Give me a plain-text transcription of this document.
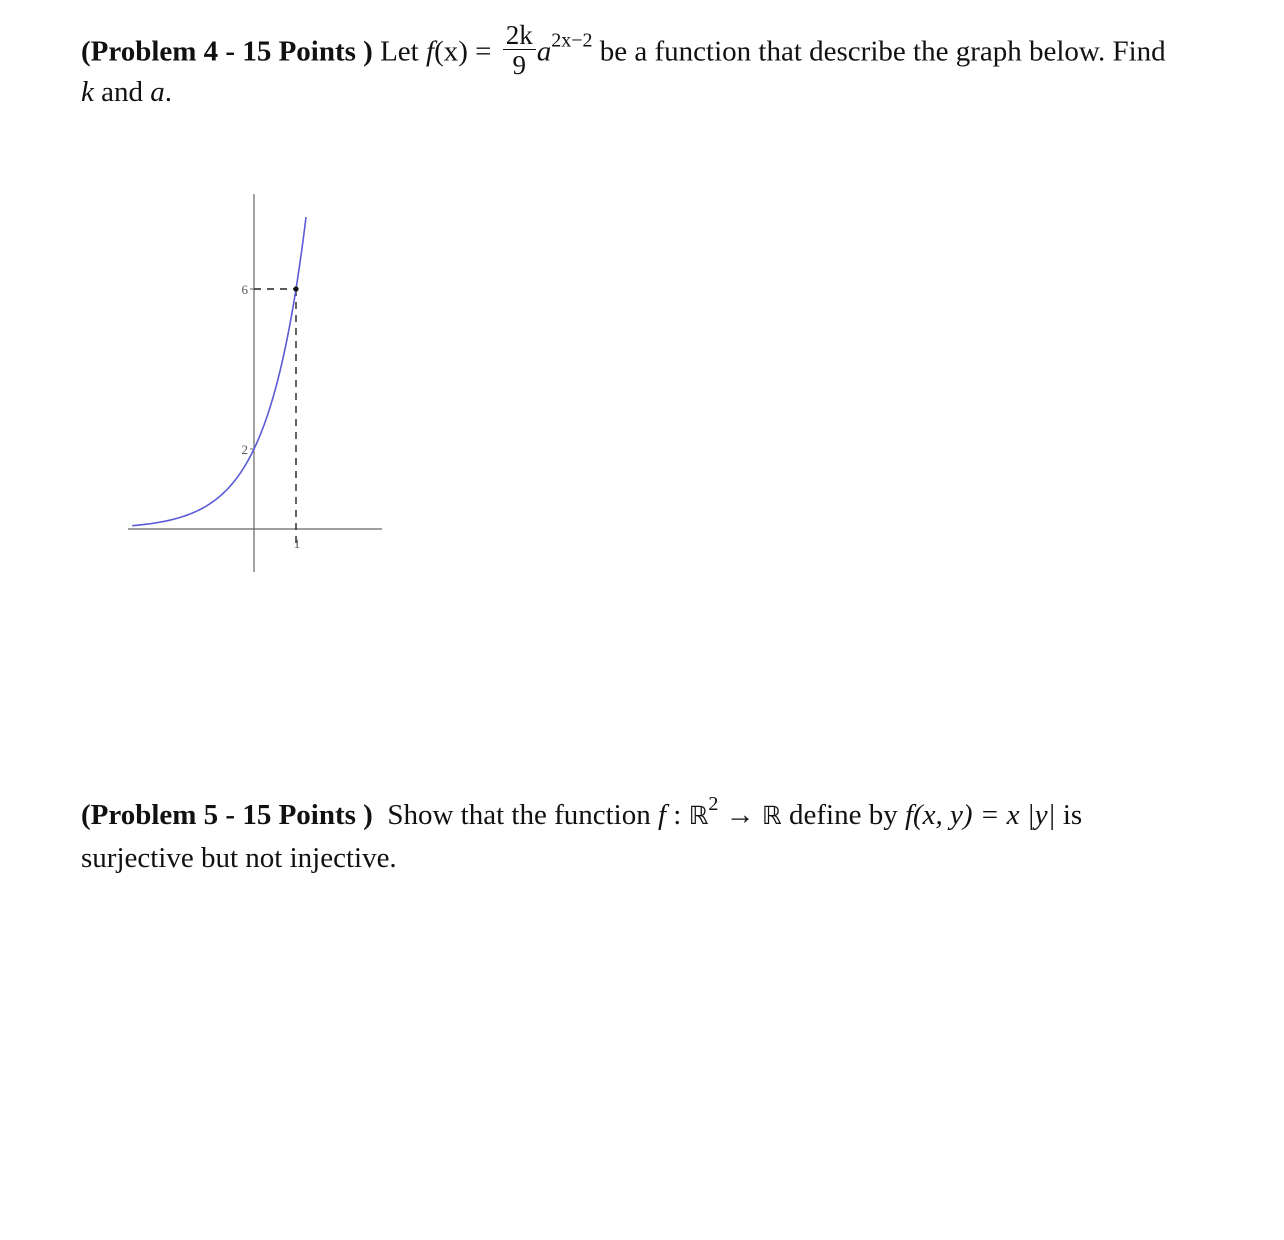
(Problem 4 - 15 Points ) Let $f(x) = \frac{2k}{9} a^{2x-2}$ be a function that describe the graph below. Find
k and a.
1
2
6
(Problem 5 - 15 Points ) Show that the function f : ℝ$^2$ → ℝ define by f(x, y) = x |y| is
surjective but not injective.
